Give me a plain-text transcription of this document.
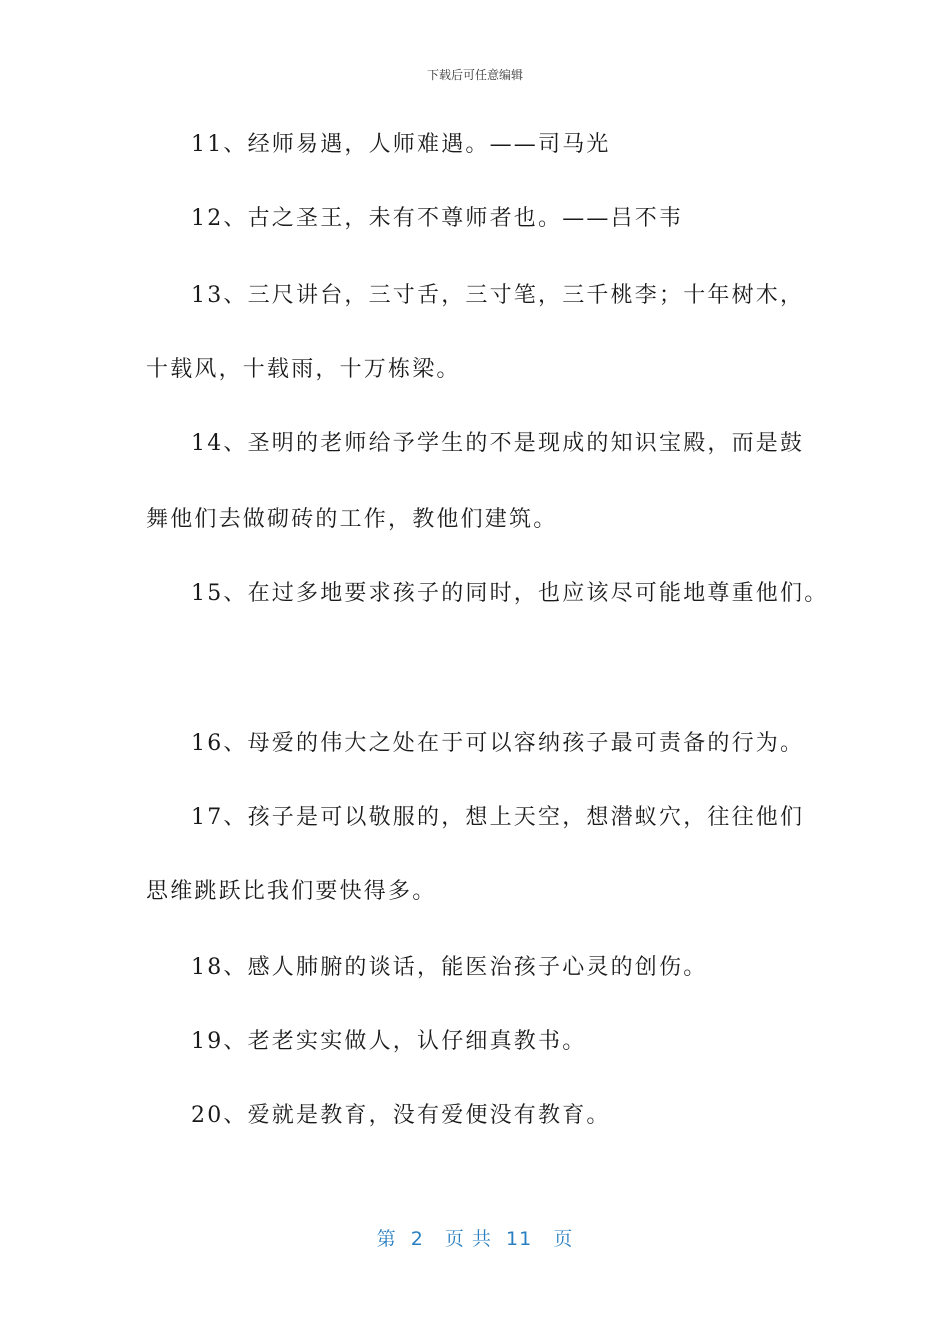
下载后可任意编辑
11、经师易遇，人师难遇。——司马光
12、古之圣王，未有不尊师者也。——吕不韦
13、三尺讲台，三寸舌，三寸笔，三千桃李；十年树木，
十载风，十载雨，十万栋梁。
14、圣明的老师给予学生的不是现成的知识宝殿，而是鼓
舞他们去做砌砖的工作，教他们建筑。
15、在过多地要求孩子的同时，也应该尽可能地尊重他们。
16、母爱的伟大之处在于可以容纳孩子最可责备的行为。
17、孩子是可以敬服的，想上天空，想潜蚁穴，往往他们
思维跳跃比我们要快得多。
18、感人肺腑的谈话，能医治孩子心灵的创伤。
19、老老实实做人，认仔细真教书。
20、爱就是教育，没有爱便没有教育。
第  2   页 共  11   页
